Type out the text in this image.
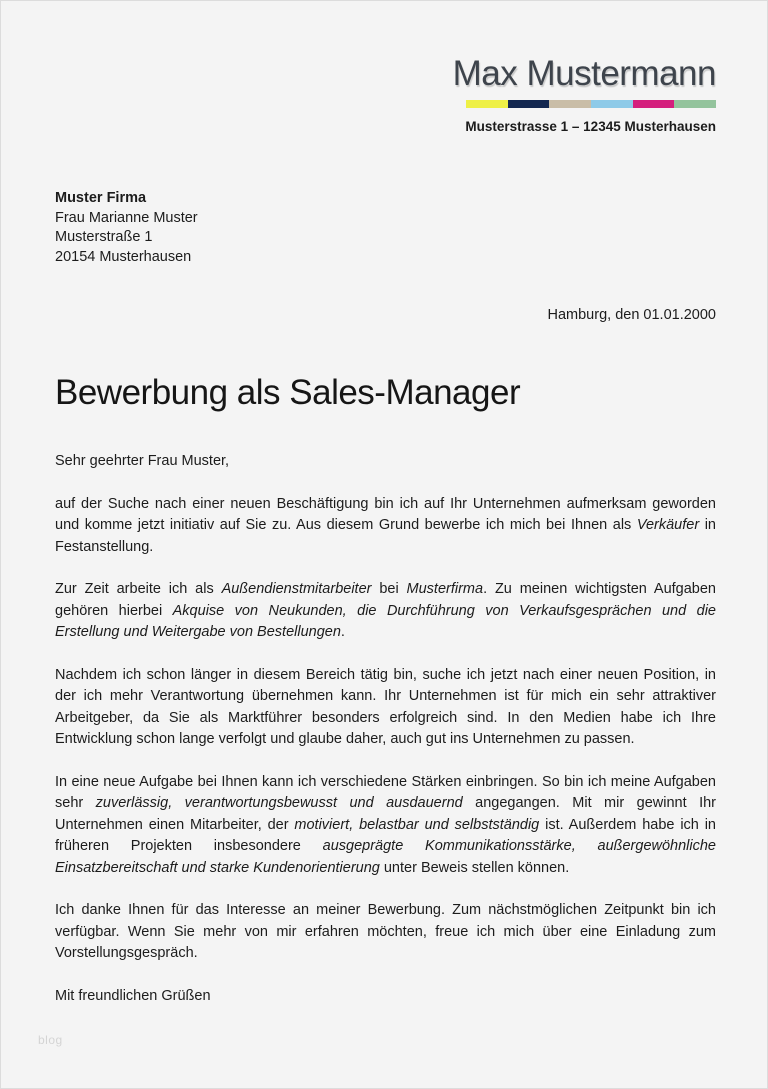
Max Mustermann
Musterstrasse 1 – 12345 Musterhausen
Muster Firma
Frau Marianne Muster
Musterstraße 1
20154 Musterhausen
Hamburg, den 01.01.2000
Bewerbung als Sales-Manager

Sehr geehrter Frau Muster,

auf der Suche nach einer neuen Beschäftigung bin ich auf Ihr Unternehmen aufmerksam geworden und komme jetzt initiativ auf Sie zu. Aus diesem Grund bewerbe ich mich bei Ihnen als Verkäufer in Festanstellung.

Zur Zeit arbeite ich als Außendienstmitarbeiter bei Musterfirma. Zu meinen wichtigsten Aufgaben gehören hierbei Akquise von Neukunden, die Durchführung von Verkaufsgesprächen und die Erstellung und Weitergabe von Bestellungen.

Nachdem ich schon länger in diesem Bereich tätig bin, suche ich jetzt nach einer neuen Position, in der ich mehr Verantwortung übernehmen kann. Ihr Unternehmen ist für mich ein sehr attraktiver Arbeitgeber, da Sie als Marktführer besonders erfolgreich sind. In den Medien habe ich Ihre Entwicklung schon lange verfolgt und glaube daher, auch gut ins Unternehmen zu passen.

In eine neue Aufgabe bei Ihnen kann ich verschiedene Stärken einbringen. So bin ich meine Aufgaben sehr zuverlässig, verantwortungsbewusst und ausdauernd angegangen. Mit mir gewinnt Ihr Unternehmen einen Mitarbeiter, der motiviert, belastbar und selbstständig ist. Außerdem habe ich in früheren Projekten insbesondere ausgeprägte Kommunikationsstärke, außergewöhnliche Einsatzbereitschaft und starke Kundenorientierung unter Beweis stellen können.

Ich danke Ihnen für das Interesse an meiner Bewerbung. Zum nächstmöglichen Zeitpunkt bin ich verfügbar. Wenn Sie mehr von mir erfahren möchten, freue ich mich über eine Einladung zum Vorstellungsgespräch.

Mit freundlichen Grüßen

blog
